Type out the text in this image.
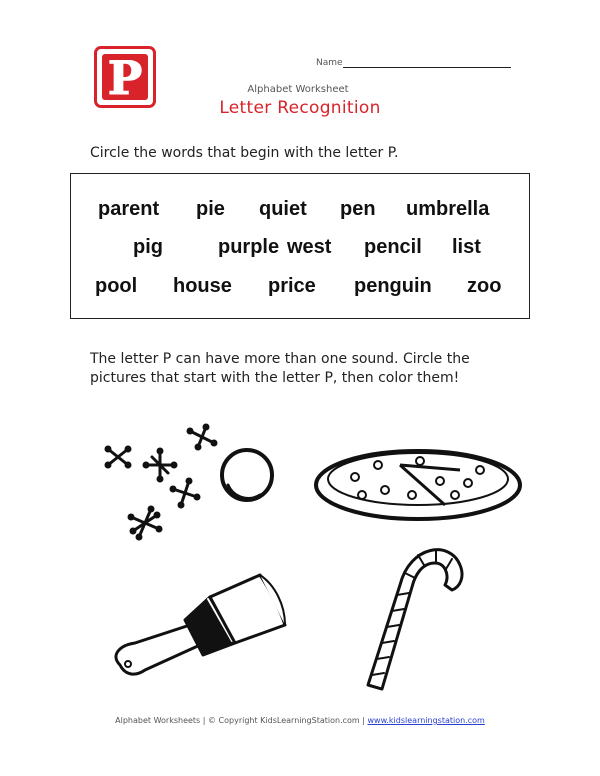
P	Name
Alphabet Worksheet
Letter Recognition
Circle the words that begin with the letter P.
parent pie quiet pen umbrella
pig	purple west pencil list
pool house price penguin zoo
The letter P can have more than one sound. Circle the pictures that start with the letter P, then color them!
Alphabet Worksheets | © Copyright KidsLearningStation.com | www.kidslearningstation.com
